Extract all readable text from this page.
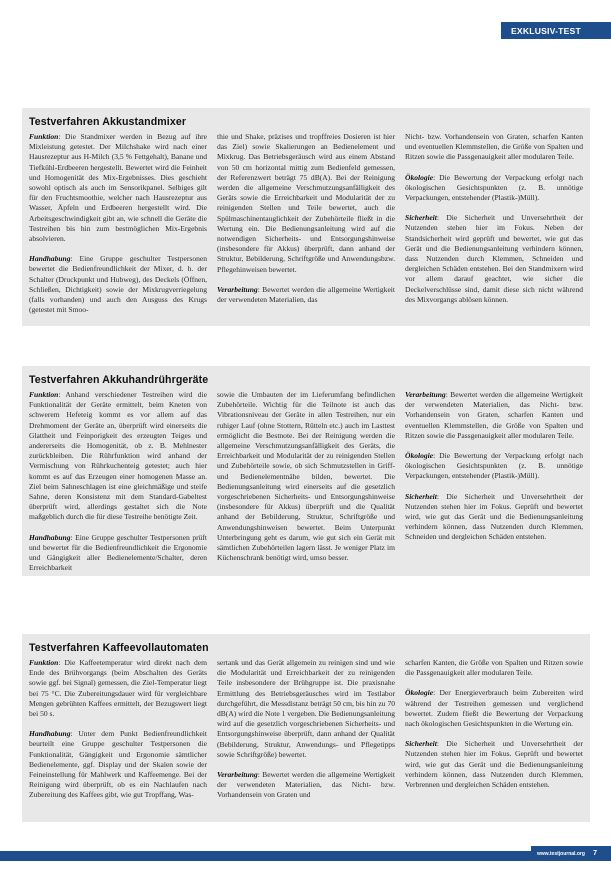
EXKLUSIV-TEST
Testverfahren Akkustandmixer

Funktion: Die Standmixer werden in Bezug auf ihre Mixleistung getestet. Der Milchshake wird nach einer Hausrezeptur aus H-Milch (3,5 % Fettgehalt), Banane und Tiefkühl-Erdbeeren hergestellt. Bewertet wird die Feinheit und Homogenität des Mix-Ergebnisses. Dies geschieht sowohl optisch als auch im Sensorikpanel. Selbiges gilt für den Fruchtsmoothie, welcher nach Hausrezeptur aus Wasser, Äpfeln und Erdbeeren hergestellt wird. Die Arbeitsgeschwindigkeit gibt an, wie schnell die Geräte die Testreihen bis hin zum bestmöglichen Mix-Ergebnis absolvieren.

Handhabung: Eine Gruppe geschulter Testpersonen bewertet die Bedienfreundlichkeit der Mixer, d. h. der Schalter (Druckpunkt und Hubweg), des Deckels (Öffnen, Schließen, Dichtigkeit) sowie der Mixkrugverriegelung (falls vorhanden) und auch den Ausguss des Krugs (getestet mit Smoo-

thie und Shake, präzises und tropffreies Dosieren ist hier das Ziel) sowie Skalierungen an Bedienelement und Mixkrug. Das Betriebsgeräusch wird aus einem Abstand von 50 cm horizontal mittig zum Bedienfeld gemessen, der Referenzwert beträgt 75 dB(A). Bei der Reinigung werden die allgemeine Verschmutzungsanfälligkeit des Geräts sowie die Erreichbarkeit und Modularität der zu reinigenden Stellen und Teile bewertet, auch die Spülmaschinentauglichkeit der Zubehörteile fließt in die Wertung ein. Die Bedienungsanleitung wird auf die notwendigen Sicherheits- und Entsorgungshinweise (insbesondere für Akkus) überprüft, dann anhand der Struktur, Bebilderung, Schriftgröße und Anwendungsbzw. Pflegehinweisen bewertet.

Verarbeitung: Bewertet werden die allgemeine Wertigkeit der verwendeten Materialien, das

Nicht- bzw. Vorhandensein von Graten, scharfen Kanten und eventuellen Klemmstellen, die Größe von Spalten und Ritzen sowie die Passgenauigkeit aller modularen Teile.

Ökologie: Die Bewertung der Verpackung erfolgt nach ökologischen Gesichtspunkten (z. B. unnötige Verpackungen, entstehender (Plastik-)Müll).

Sicherheit: Die Sicherheit und Unversehrtheit der Nutzenden stehen hier im Fokus. Neben der Standsicherheit wird geprüft und bewertet, wie gut das Gerät und die Bedienungsanleitung verhindern können, dass Nutzenden durch Klemmen, Schneiden und dergleichen Schäden entstehen. Bei den Standmixern wird vor allem darauf geachtet, wie sicher die Deckelverschlüsse sind, damit diese sich nicht während des Mixvorgangs ablösen können.

Testverfahren Akkuhandrührgeräte

Funktion: Anhand verschiedener Testreihen wird die Funktionalität der Geräte ermittelt, beim Kneten von schwerem Hefeteig kommt es vor allem auf das Drehmoment der Geräte an, überprüft wird einerseits die Glattheit und Feinporigkeit des erzeugten Teiges und andererseits die Homogenität, ob z. B. Mehlnester zurückbleiben. Die Rührfunktion wird anhand der Vermischung von Rührkuchenteig getestet; auch hier kommt es auf das Erzeugen einer homogenen Masse an. Ziel beim Sahneschlagen ist eine gleichmäßige und steife Sahne, deren Konsistenz mit dem Standard-Gabeltest überprüft wird, allerdings gestaltet sich die Note maßgeblich durch die für diese Testreihe benötigte Zeit.

Handhabung: Eine Gruppe geschulter Testpersonen prüft und bewertet für die Bedienfreundlichkeit die Ergonomie und Gängigkeit aller Bedienelemente/Schalter, deren Erreichbarkeit

sowie die Umbauten der im Lieferumfang befindlichen Zubehörteile. Wichtig für die Teilnote ist auch das Vibrationsniveau der Geräte in allen Testreihen, nur ein ruhiger Lauf (ohne Stottern, Rütteln etc.) auch im Lasttest ermöglicht die Bestnote. Bei der Reinigung werden die allgemeine Verschmutzungsanfälligkeit des Geräts, die Erreichbarkeit und Modularität der zu reinigenden Stellen und Zubehörteile sowie, ob sich Schmutzstellen in Griff- und Bedienelementnähe bilden, bewertet. Die Bedienungsanleitung wird einerseits auf die gesetzlich vorgeschriebenen Sicherheits- und Entsorgungshinweise (insbesondere für Akkus) überprüft und die Qualität anhand der Bebilderung, Struktur, Schriftgröße und Anwendungshinweisen bewertet. Beim Unterpunkt Unterbringung geht es darum, wie gut sich ein Gerät mit sämtlichen Zubehörteilen lagern lässt. Je weniger Platz im Küchenschrank benötigt wird, umso besser.

Verarbeitung: Bewertet werden die allgemeine Wertigkeit der verwendeten Materialien, das Nicht- bzw. Vorhandensein von Graten, scharfen Kanten und eventuellen Klemmstellen, die Größe von Spalten und Ritzen sowie die Passgenauigkeit aller modularen Teile.

Ökologie: Die Bewertung der Verpackung erfolgt nach ökologischen Gesichtspunkten (z. B. unnötige Verpackungen, entstehender (Plastik-)Müll).

Sicherheit: Die Sicherheit und Unversehrtheit der Nutzenden stehen hier im Fokus. Geprüft und bewertet wird, wie gut das Gerät und die Bedienungsanleitung verhindern können, dass Nutzenden durch Klemmen, Schneiden und dergleichen Schäden entstehen.

Testverfahren Kaffeevollautomaten

Funktion: Die Kaffeetemperatur wird direkt nach dem Ende des Brühvorgangs (beim Abschalten des Geräts sowie ggf. bei Signal) gemessen, die Ziel-Temperatur liegt bei 75 °C. Die Zubereitungsdauer wird für vergleichbare Mengen gebrühten Kaffees ermittelt, der Bezugswert liegt bei 50 s.

Handhabung: Unter dem Punkt Bedienfreundlichkeit beurteilt eine Gruppe geschulter Testpersonen die Funktionalität, Gängigkeit und Ergonomie sämtlicher Bedienelemente, ggf. Display und der Skalen sowie der Feineinstellung für Mahlwerk und Kaffeemenge. Bei der Reinigung wird überprüft, ob es ein Nachlaufen nach Zubereitung des Kaffees gibt, wie gut Tropffang, Was-

sertank und das Gerät allgemein zu reinigen sind und wie die Modularität und Erreichbarkeit der zu reinigenden Teile insbesondere der Brühgruppe ist. Die praxisnahe Ermittlung des Betriebsgeräusches wird im Testlabor durchgeführt, die Messdistanz beträgt 50 cm, bis hin zu 70 dB(A) wird die Note 1 vergeben. Die Bedienungsanleitung wird auf die gesetzlich vorgeschriebenen Sicherheits- und Entsorgungshinweise überprüft, dann anhand der Qualität (Bebilderung, Struktur, Anwendungs- und Pflegetipps sowie Schriftgröße) bewertet.

Verarbeitung: Bewertet werden die allgemeine Wertigkeit der verwendeten Materialien, das Nicht- bzw. Vorhandensein von Graten und

scharfen Kanten, die Größe von Spalten und Ritzen sowie die Passgenauigkeit aller modularen Teile.

Ökologie: Der Energieverbrauch beim Zubereiten wird während der Testreihen gemessen und verglichend bewertet. Zudem fließt die Bewertung der Verpackung nach ökologischen Gesichtspunkten in die Wertung ein.

Sicherheit: Die Sicherheit und Unversehrtheit der Nutzenden stehen hier im Fokus. Geprüft und bewertet wird, wie gut das Gerät und die Bedienungsanleitung verhindern können, dass Nutzenden durch Klemmen, Verbrennen und dergleichen Schäden entstehen.

www.testjournal.org 7
